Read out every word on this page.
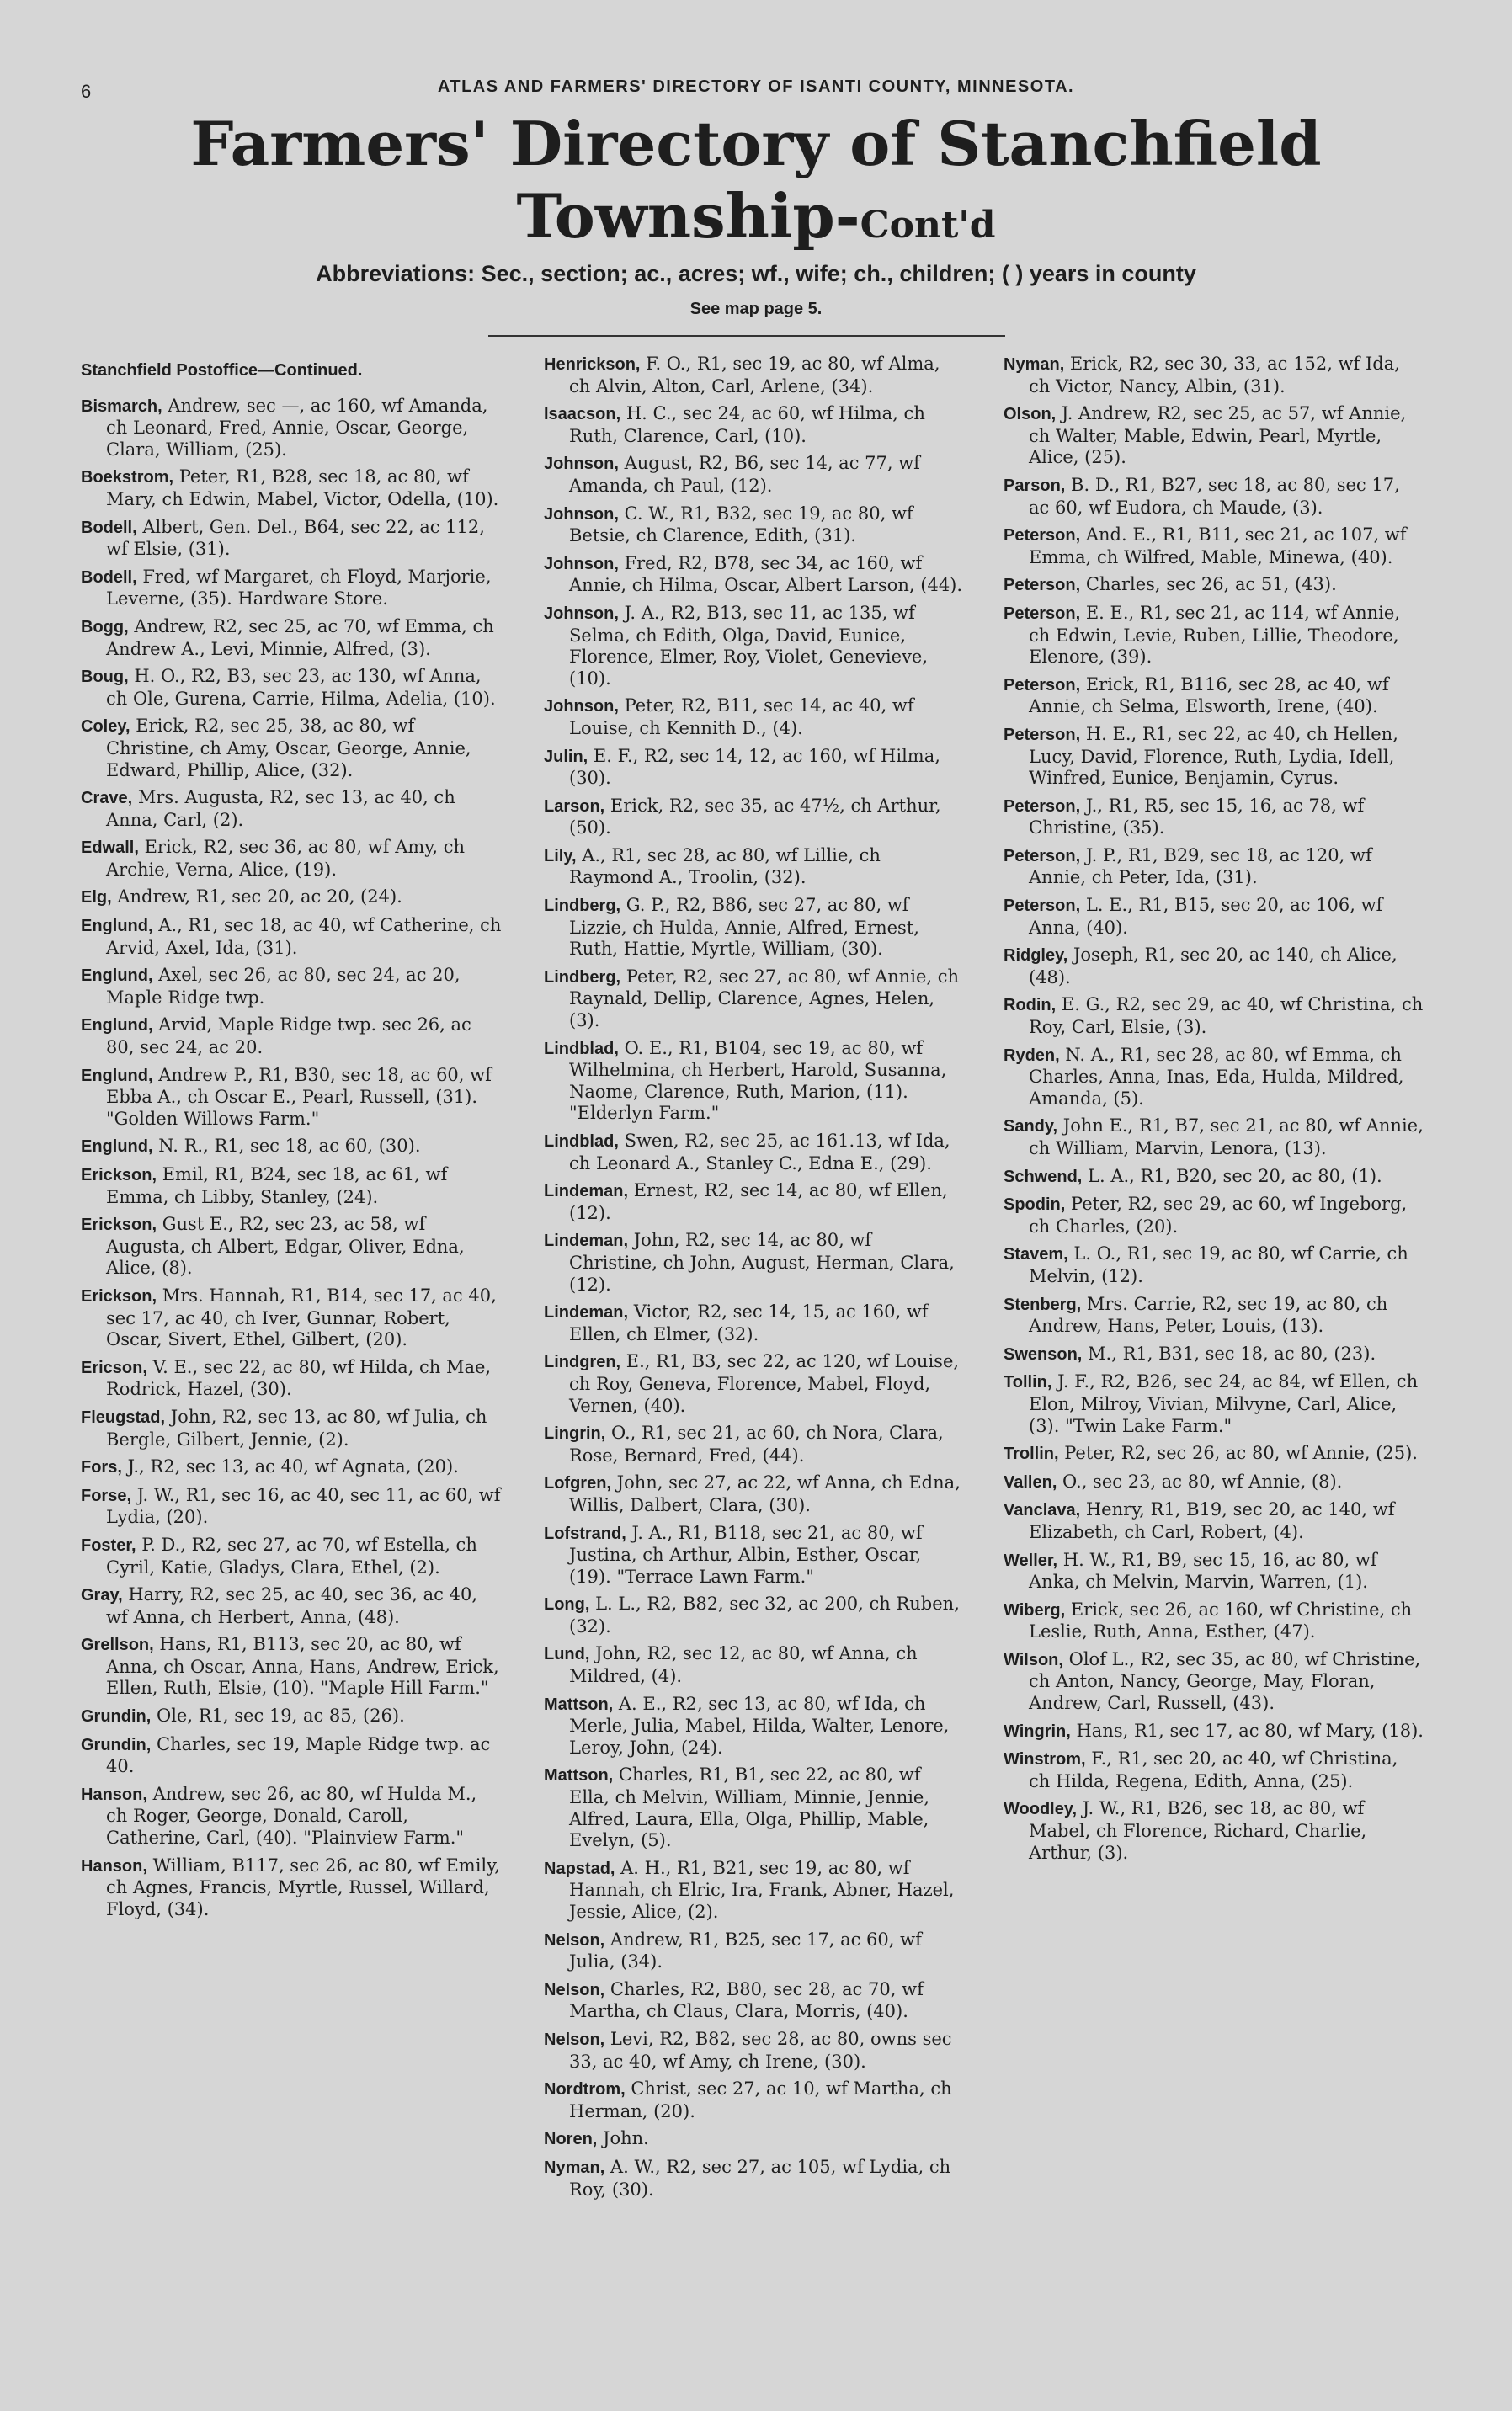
6	ATLAS AND FARMERS' DIRECTORY OF ISANTI COUNTY, MINNESOTA.
Farmers' Directory of Stanchfield
Township-Cont'd
Abbreviations: Sec., section; ac., acres; wf., wife; ch., children; ( ) years in county
See map page 5.
Stanchfield Postoffice—Continued.
Bismarch, Andrew, sec —, ac 160, wf Amanda, ch Leonard, Fred, Annie, Oscar, George, Clara, William, (25).
Boekstrom, Peter, R1, B28, sec 18, ac 80, wf Mary, ch Edwin, Mabel, Victor, Odella, (10).
Bodell, Albert, Gen. Del., B64, sec 22, ac 112, wf Elsie, (31).
Bodell, Fred, wf Margaret, ch Floyd, Marjorie, Leverne, (35). Hardware Store.
Bogg, Andrew, R2, sec 25, ac 70, wf Emma, ch Andrew A., Levi, Minnie, Alfred, (3).
Boug, H. O., R2, B3, sec 23, ac 130, wf Anna, ch Ole, Gurena, Carrie, Hilma, Adelia, (10).
Coley, Erick, R2, sec 25, 38, ac 80, wf Christine, ch Amy, Oscar, George, Annie, Edward, Phillip, Alice, (32).
Crave, Mrs. Augusta, R2, sec 13, ac 40, ch Anna, Carl, (2).
Edwall, Erick, R2, sec 36, ac 80, wf Amy, ch Archie, Verna, Alice, (19).
Elg, Andrew, R1, sec 20, ac 20, (24).
Englund, A., R1, sec 18, ac 40, wf Catherine, ch Arvid, Axel, Ida, (31).
Englund, Axel, sec 26, ac 80, sec 24, ac 20, Maple Ridge twp.
Englund, Arvid, Maple Ridge twp. sec 26, ac 80, sec 24, ac 20.
Englund, Andrew P., R1, B30, sec 18, ac 60, wf Ebba A., ch Oscar E., Pearl, Russell, (31). "Golden Willows Farm."
Englund, N. R., R1, sec 18, ac 60, (30).
Erickson, Emil, R1, B24, sec 18, ac 61, wf Emma, ch Libby, Stanley, (24).
Erickson, Gust E., R2, sec 23, ac 58, wf Augusta, ch Albert, Edgar, Oliver, Edna, Alice, (8).
Erickson, Mrs. Hannah, R1, B14, sec 17, ac 40, sec 17, ac 40, ch Iver, Gunnar, Robert, Oscar, Sivert, Ethel, Gilbert, (20).
Ericson, V. E., sec 22, ac 80, wf Hilda, ch Mae, Rodrick, Hazel, (30).
Fleugstad, John, R2, sec 13, ac 80, wf Julia, ch Bergle, Gilbert, Jennie, (2).
Fors, J., R2, sec 13, ac 40, wf Agnata, (20).
Forse, J. W., R1, sec 16, ac 40, sec 11, ac 60, wf Lydia, (20).
Foster, P. D., R2, sec 27, ac 70, wf Estella, ch Cyril, Katie, Gladys, Clara, Ethel, (2).
Gray, Harry, R2, sec 25, ac 40, sec 36, ac 40, wf Anna, ch Herbert, Anna, (48).
Grellson, Hans, R1, B113, sec 20, ac 80, wf Anna, ch Oscar, Anna, Hans, Andrew, Erick, Ellen, Ruth, Elsie, (10). "Maple Hill Farm."
Grundin, Ole, R1, sec 19, ac 85, (26).
Grundin, Charles, sec 19, Maple Ridge twp. ac 40.
Hanson, Andrew, sec 26, ac 80, wf Hulda M., ch Roger, George, Donald, Caroll, Catherine, Carl, (40). "Plainview Farm."
Hanson, William, B117, sec 26, ac 80, wf Emily, ch Agnes, Francis, Myrtle, Russel, Willard, Floyd, (34).
Henrickson, F. O., R1, sec 19, ac 80, wf Alma, ch Alvin, Alton, Carl, Arlene, (34).
Isaacson, H. C., sec 24, ac 60, wf Hilma, ch Ruth, Clarence, Carl, (10).
Johnson, August, R2, B6, sec 14, ac 77, wf Amanda, ch Paul, (12).
Johnson, C. W., R1, B32, sec 19, ac 80, wf Betsie, ch Clarence, Edith, (31).
Johnson, Fred, R2, B78, sec 34, ac 160, wf Annie, ch Hilma, Oscar, Albert Larson, (44).
Johnson, J. A., R2, B13, sec 11, ac 135, wf Selma, ch Edith, Olga, David, Eunice, Florence, Elmer, Roy, Violet, Genevieve, (10).
Johnson, Peter, R2, B11, sec 14, ac 40, wf Louise, ch Kennith D., (4).
Julin, E. F., R2, sec 14, 12, ac 160, wf Hilma, (30).
Larson, Erick, R2, sec 35, ac 47½, ch Arthur, (50).
Lily, A., R1, sec 28, ac 80, wf Lillie, ch Raymond A., Troolin, (32).
Lindberg, G. P., R2, B86, sec 27, ac 80, wf Lizzie, ch Hulda, Annie, Alfred, Ernest, Ruth, Hattie, Myrtle, William, (30).
Lindberg, Peter, R2, sec 27, ac 80, wf Annie, ch Raynald, Dellip, Clarence, Agnes, Helen, (3).
Lindblad, O. E., R1, B104, sec 19, ac 80, wf Wilhelmina, ch Herbert, Harold, Susanna, Naome, Clarence, Ruth, Marion, (11). "Elderlyn Farm."
Lindblad, Swen, R2, sec 25, ac 161.13, wf Ida, ch Leonard A., Stanley C., Edna E., (29).
Lindeman, Ernest, R2, sec 14, ac 80, wf Ellen, (12).
Lindeman, John, R2, sec 14, ac 80, wf Christine, ch John, August, Herman, Clara, (12).
Lindeman, Victor, R2, sec 14, 15, ac 160, wf Ellen, ch Elmer, (32).
Lindgren, E., R1, B3, sec 22, ac 120, wf Louise, ch Roy, Geneva, Florence, Mabel, Floyd, Vernen, (40).
Lingrin, O., R1, sec 21, ac 60, ch Nora, Clara, Rose, Bernard, Fred, (44).
Lofgren, John, sec 27, ac 22, wf Anna, ch Edna, Willis, Dalbert, Clara, (30).
Lofstrand, J. A., R1, B118, sec 21, ac 80, wf Justina, ch Arthur, Albin, Esther, Oscar, (19). "Terrace Lawn Farm."
Long, L. L., R2, B82, sec 32, ac 200, ch Ruben, (32).
Lund, John, R2, sec 12, ac 80, wf Anna, ch Mildred, (4).
Mattson, A. E., R2, sec 13, ac 80, wf Ida, ch Merle, Julia, Mabel, Hilda, Walter, Lenore, Leroy, John, (24).
Mattson, Charles, R1, B1, sec 22, ac 80, wf Ella, ch Melvin, William, Minnie, Jennie, Alfred, Laura, Ella, Olga, Phillip, Mable, Evelyn, (5).
Napstad, A. H., R1, B21, sec 19, ac 80, wf Hannah, ch Elric, Ira, Frank, Abner, Hazel, Jessie, Alice, (2).
Nelson, Andrew, R1, B25, sec 17, ac 60, wf Julia, (34).
Nelson, Charles, R2, B80, sec 28, ac 70, wf Martha, ch Claus, Clara, Morris, (40).
Nelson, Levi, R2, B82, sec 28, ac 80, owns sec 33, ac 40, wf Amy, ch Irene, (30).
Nordtrom, Christ, sec 27, ac 10, wf Martha, ch Herman, (20).
Noren, John.
Nyman, A. W., R2, sec 27, ac 105, wf Lydia, ch Roy, (30).
Nyman, Erick, R2, sec 30, 33, ac 152, wf Ida, ch Victor, Nancy, Albin, (31).
Olson, J. Andrew, R2, sec 25, ac 57, wf Annie, ch Walter, Mable, Edwin, Pearl, Myrtle, Alice, (25).
Parson, B. D., R1, B27, sec 18, ac 80, sec 17, ac 60, wf Eudora, ch Maude, (3).
Peterson, And. E., R1, B11, sec 21, ac 107, wf Emma, ch Wilfred, Mable, Minewa, (40).
Peterson, Charles, sec 26, ac 51, (43).
Peterson, E. E., R1, sec 21, ac 114, wf Annie, ch Edwin, Levie, Ruben, Lillie, Theodore, Elenore, (39).
Peterson, Erick, R1, B116, sec 28, ac 40, wf Annie, ch Selma, Elsworth, Irene, (40).
Peterson, H. E., R1, sec 22, ac 40, ch Hellen, Lucy, David, Florence, Ruth, Lydia, Idell, Winfred, Eunice, Benjamin, Cyrus.
Peterson, J., R1, R5, sec 15, 16, ac 78, wf Christine, (35).
Peterson, J. P., R1, B29, sec 18, ac 120, wf Annie, ch Peter, Ida, (31).
Peterson, L. E., R1, B15, sec 20, ac 106, wf Anna, (40).
Ridgley, Joseph, R1, sec 20, ac 140, ch Alice, (48).
Rodin, E. G., R2, sec 29, ac 40, wf Christina, ch Roy, Carl, Elsie, (3).
Ryden, N. A., R1, sec 28, ac 80, wf Emma, ch Charles, Anna, Inas, Eda, Hulda, Mildred, Amanda, (5).
Sandy, John E., R1, B7, sec 21, ac 80, wf Annie, ch William, Marvin, Lenora, (13).
Schwend, L. A., R1, B20, sec 20, ac 80, (1).
Spodin, Peter, R2, sec 29, ac 60, wf Ingeborg, ch Charles, (20).
Stavem, L. O., R1, sec 19, ac 80, wf Carrie, ch Melvin, (12).
Stenberg, Mrs. Carrie, R2, sec 19, ac 80, ch Andrew, Hans, Peter, Louis, (13).
Swenson, M., R1, B31, sec 18, ac 80, (23).
Tollin, J. F., R2, B26, sec 24, ac 84, wf Ellen, ch Elon, Milroy, Vivian, Milvyne, Carl, Alice, (3). "Twin Lake Farm."
Trollin, Peter, R2, sec 26, ac 80, wf Annie, (25).
Vallen, O., sec 23, ac 80, wf Annie, (8).
Vanclava, Henry, R1, B19, sec 20, ac 140, wf Elizabeth, ch Carl, Robert, (4).
Weller, H. W., R1, B9, sec 15, 16, ac 80, wf Anka, ch Melvin, Marvin, Warren, (1).
Wiberg, Erick, sec 26, ac 160, wf Christine, ch Leslie, Ruth, Anna, Esther, (47).
Wilson, Olof L., R2, sec 35, ac 80, wf Christine, ch Anton, Nancy, George, May, Floran, Andrew, Carl, Russell, (43).
Wingrin, Hans, R1, sec 17, ac 80, wf Mary, (18).
Winstrom, F., R1, sec 20, ac 40, wf Christina, ch Hilda, Regena, Edith, Anna, (25).
Woodley, J. W., R1, B26, sec 18, ac 80, wf Mabel, ch Florence, Richard, Charlie, Arthur, (3).
